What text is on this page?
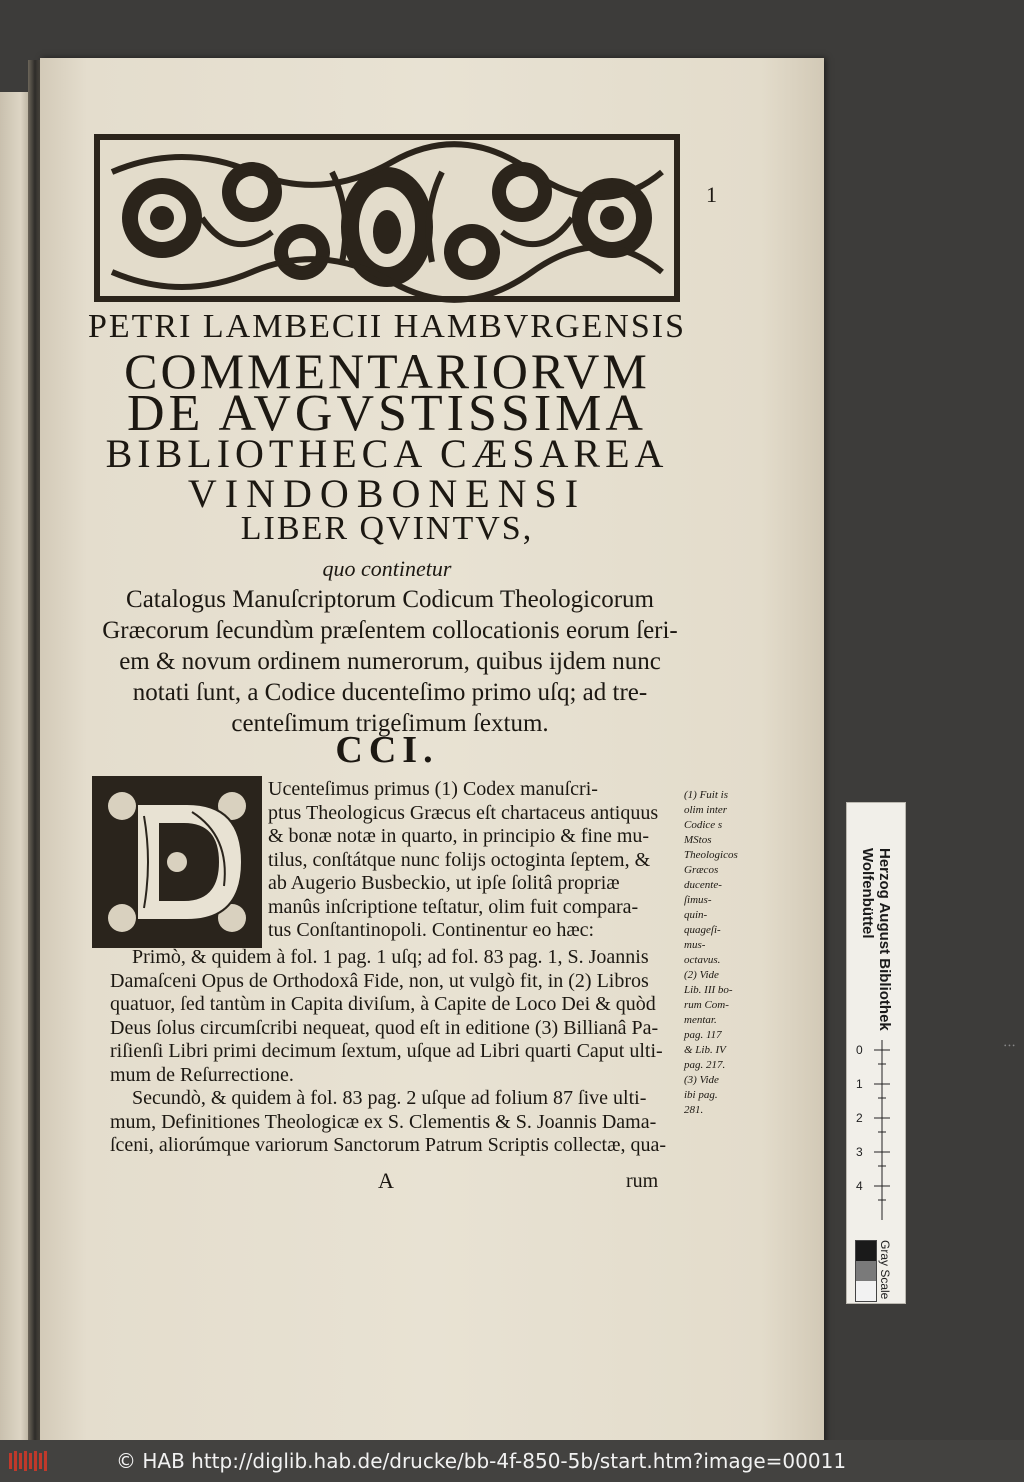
1
PETRI LAMBECII HAMBVRGENSIS
COMMENTARIORVM
DE AVGVSTISSIMA
BIBLIOTHECA CÆSAREA
VINDOBONENSI
LIBER QVINTVS,
quo continetur
Catalogus Manuſcriptorum Codicum Theologicorum
Græcorum ſecundùm præſentem collocationis eorum ſeri-
em & novum ordinem numerorum, quibus ijdem nunc
notati ſunt, a Codice ducenteſimo primo uſq; ad tre-
centeſimum trigeſimum ſextum.
CCI.
Ucenteſimus primus (1) Codex manuſcri-
ptus Theologicus Græcus eſt chartaceus antiquus
& bonæ notæ in quarto, in principio & fine mu-
tilus, conſtátque nunc folijs octoginta ſeptem, &
ab Augerio Busbeckio, ut ipſe ſolitâ propriæ
manûs inſcriptione teſtatur, olim fuit compara-
tus Conſtantinopoli. Continentur eo hæc:
Primò, & quidem à fol. 1 pag. 1 uſq; ad fol. 83 pag. 1, S. Joannis
Damaſceni Opus de Orthodoxâ Fide, non, ut vulgò fit, in (2) Libros
quatuor, ſed tantùm in Capita diviſum, à Capite de Loco Dei & quòd
Deus ſolus circumſcribi nequeat, quod eſt in editione (3) Billianâ Pa-
riſienſi Libri primi decimum ſextum, uſque ad Libri quarti Caput ulti-
mum de Reſurrectione.
Secundò, & quidem à fol. 83 pag. 2 uſque ad folium 87 ſive ulti-
mum, Definitiones Theologicæ ex S. Clementis & S. Joannis Dama-
ſceni, aliorúmque variorum Sanctorum Patrum Scriptis collectæ, qua-
(1) Fuit is
olim inter
Codice s
MStos
Theologicos
Græcos
ducente-
ſimus-
quin-
quageſi-
mus-
octavus.
(2) Vide
Lib. III bo-
rum Com-
mentar.
pag. 117
& Lib. IV
pag. 217.
(3) Vide
ibi pag.
281.
A	rum
Herzog August Bibliothek
Wolfenbüttel
0
1
2
3
4
Gray Scale
• • •
© HAB http://diglib.hab.de/drucke/bb-4f-850-5b/start.htm?image=00011
